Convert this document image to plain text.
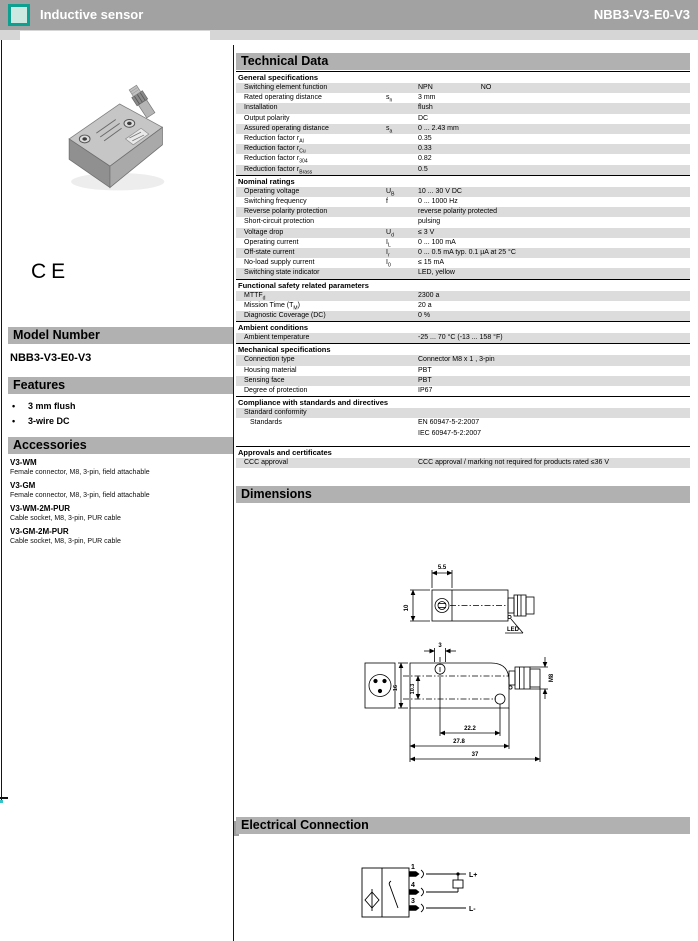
Inductive sensor	NBB3-V3-E0-V3
CE
Model Number
NBB3-V3-E0-V3
Features
• 3 mm flush
• 3-wire DC
Accessories
V3-WM
Female connector, M8, 3-pin, field attachable
V3-GM
Female connector, M8, 3-pin, field attachable
V3-WM-2M-PUR
Cable socket, M8, 3-pin, PUR cable
V3-GM-2M-PUR
Cable socket, M8, 3-pin, PUR cable
Technical Data
General specifications
Switching element function	NPN	NO
Rated operating distance	$s_n$	3 mm
Installation	flush
Output polarity	DC
Assured operating distance	$s_a$	0 ... 2.43 mm
Reduction factor $r_{Al}$	0.35
Reduction factor $r_{Cu}$	0.33
Reduction factor $r_{304}$	0.82
Reduction factor $r_{Brass}$	0.5
Nominal ratings
Operating voltage	$U_B$	10 ... 30 V DC
Switching frequency	f	0 ... 1000 Hz
Reverse polarity protection	reverse polarity protected
Short-circuit protection	pulsing
Voltage drop	$U_d$	≤ 3 V
Operating current	$I_L$	0 ... 100 mA
Off-state current	$I_r$	0 ... 0.5 mA typ. 0.1 µA at 25 °C
No-load supply current	$I_0$	≤ 15 mA
Switching state indicator	LED, yellow
Functional safety related parameters
$MTTF_d$	2300 a
Mission Time $(T_M)$	20 a
Diagnostic Coverage (DC)	0 %
Ambient conditions
Ambient temperature	-25 ... 70 °C (-13 ... 158 °F)
Mechanical specifications
Connection type	Connector M8 x 1 , 3-pin
Housing material	PBT
Sensing face	PBT
Degree of protection	IP67
Compliance with standards and directives
Standard conformity
Standards	EN 60947-5-2:2007
IEC 60947-5-2:2007
Approvals and certificates
CCC approval	CCC approval / marking not required for products rated ≤36 V
Dimensions
5.5
10
LED
3
16 10.3
22.2
27.8
37
M8
Electrical Connection
1
4
3
L+
L-
